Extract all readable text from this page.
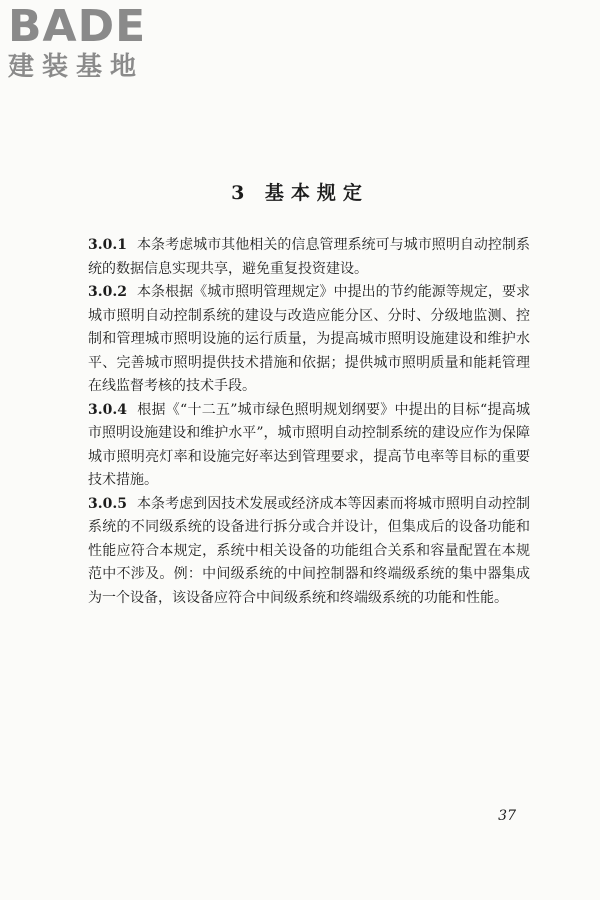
BADE
建装基地
3 基本规定

3.0.1 本条考虑城市其他相关的信息管理系统可与城市照明自动控制系统的数据信息实现共享，避免重复投资建设。

3.0.2 本条根据《城市照明管理规定》中提出的节约能源等规定，要求城市照明自动控制系统的建设与改造应能分区、分时、分级地监测、控制和管理城市照明设施的运行质量，为提高城市照明设施建设和维护水平、完善城市照明提供技术措施和依据；提供城市照明质量和能耗管理在线监督考核的技术手段。

3.0.4 根据《“十二五”城市绿色照明规划纲要》中提出的目标“提高城市照明设施建设和维护水平”，城市照明自动控制系统的建设应作为保障城市照明亮灯率和设施完好率达到管理要求，提高节电率等目标的重要技术措施。

3.0.5 本条考虑到因技术发展或经济成本等因素而将城市照明自动控制系统的不同级系统的设备进行拆分或合并设计，但集成后的设备功能和性能应符合本规定，系统中相关设备的功能组合关系和容量配置在本规范中不涉及。例：中间级系统的中间控制器和终端级系统的集中器集成为一个设备，该设备应符合中间级系统和终端级系统的功能和性能。

37
